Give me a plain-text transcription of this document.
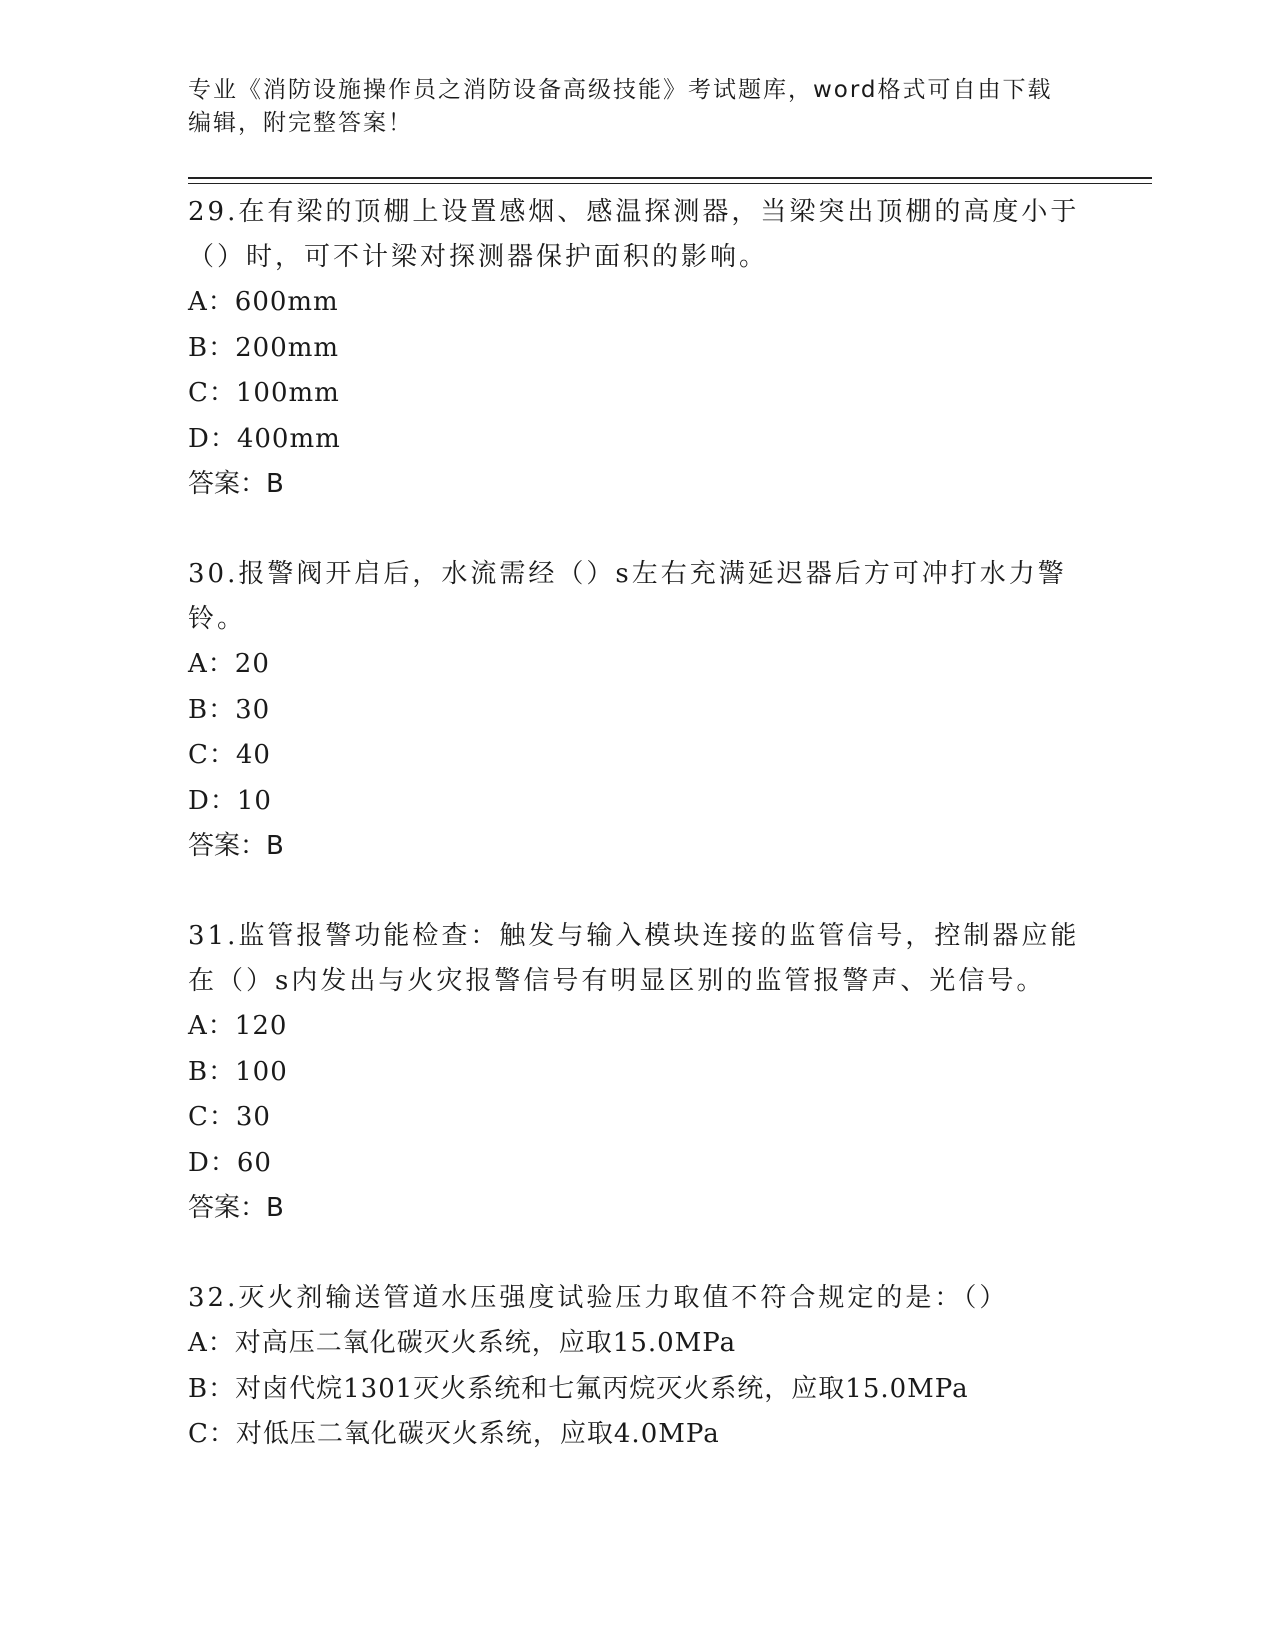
专业《消防设施操作员之消防设备高级技能》考试题库，word格式可自由下载编辑，附完整答案！

29.在有梁的顶棚上设置感烟、感温探测器，当梁突出顶棚的高度小于（）时，可不计梁对探测器保护面积的影响。

A：600mm

B：200mm

C：100mm

D：400mm

答案：B

30.报警阀开启后，水流需经（）s左右充满延迟器后方可冲打水力警铃。

A：20

B：30

C：40

D：10

答案：B

31.监管报警功能检查：触发与输入模块连接的监管信号，控制器应能在（）s内发出与火灾报警信号有明显区别的监管报警声、光信号。

A：120

B：100

C：30

D：60

答案：B

32.灭火剂输送管道水压强度试验压力取值不符合规定的是：（）

A：对高压二氧化碳灭火系统，应取15.0MPa

B：对卤代烷1301灭火系统和七氟丙烷灭火系统，应取15.0MPa

C：对低压二氧化碳灭火系统，应取4.0MPa
